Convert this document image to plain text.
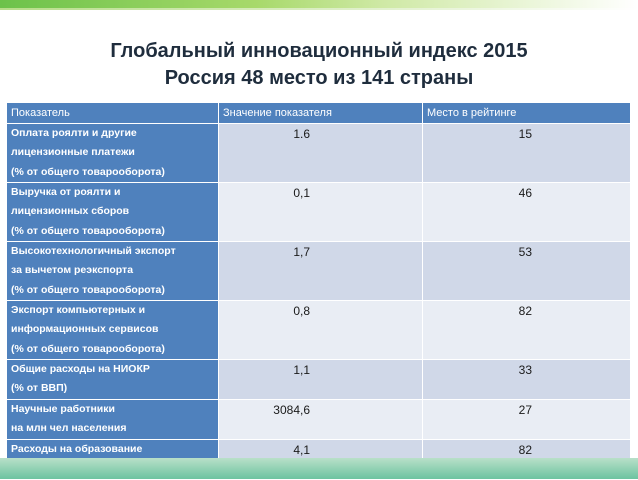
Глобальный инновационный индекс 2015
Россия 48 место из 141 страны
Показатель	Значение показателя	Место в рейтинге

Оплата роялти и другие
лицензионные платежи
(% от общего товарооборота)	1.6	15

Выручка от роялти и
лицензионных сборов
(% от общего товарооборота)	0,1	46

Высокотехнологичный экспорт
за вычетом реэкспорта
(% от общего товарооборота)	1,7	53

Экспорт компьютерных и
информационных сервисов
(% от общего товарооборота)	0,8	82

Общие расходы на НИОКР
(% от ВВП)	1,1	33

Научные работники
на млн чел населения	3084,6	27

Расходы на образование	4,1	82
